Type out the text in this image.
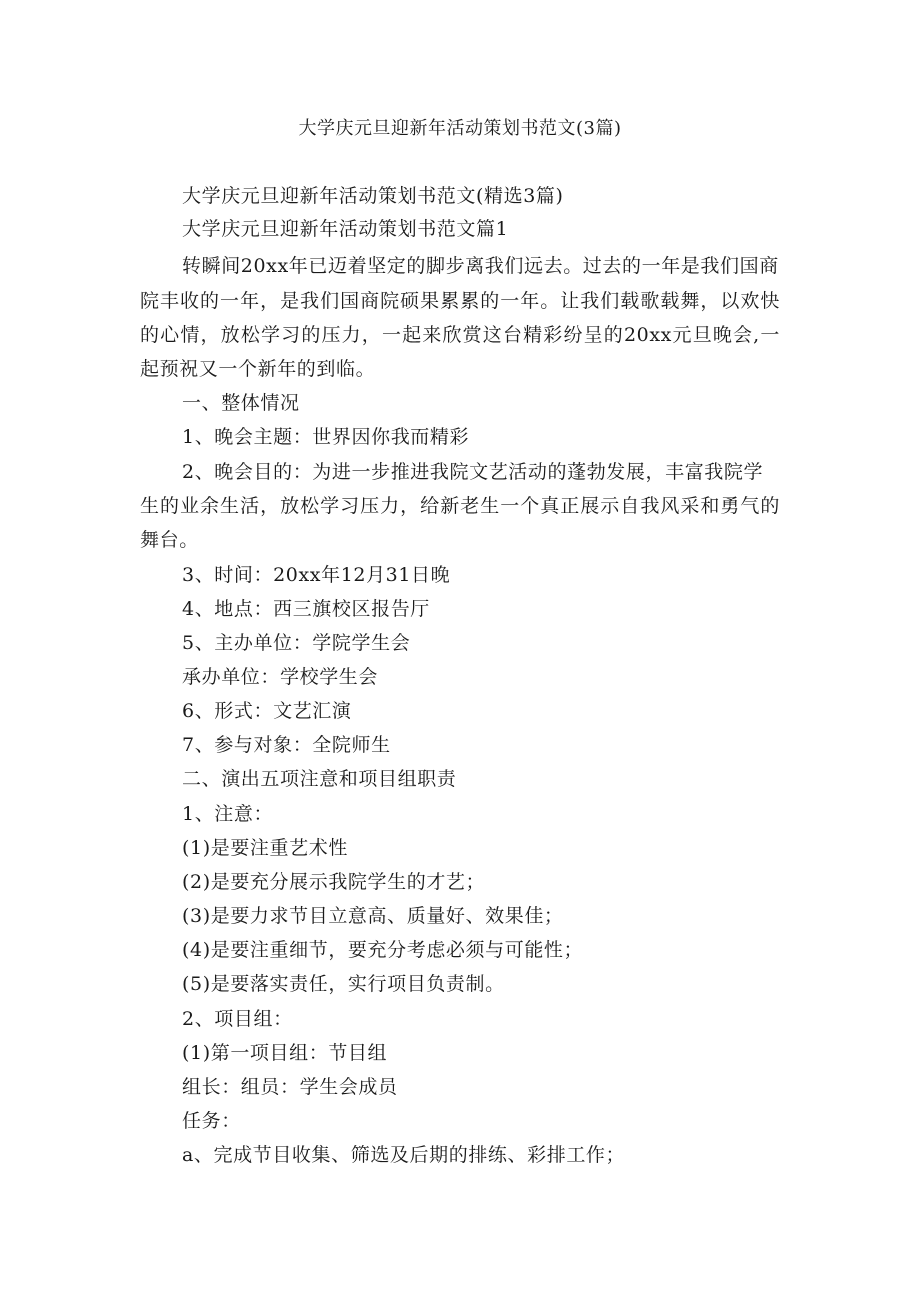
大学庆元旦迎新年活动策划书范文(3篇)
大学庆元旦迎新年活动策划书范文(精选3篇)
大学庆元旦迎新年活动策划书范文篇1
转瞬间20xx年已迈着坚定的脚步离我们远去。过去的一年是我们国商
院丰收的一年，是我们国商院硕果累累的一年。让我们载歌载舞，以欢快
的心情，放松学习的压力，一起来欣赏这台精彩纷呈的20xx元旦晚会,一
起预祝又一个新年的到临。
一、整体情况
1、晚会主题：世界因你我而精彩
2、晚会目的：为进一步推进我院文艺活动的蓬勃发展，丰富我院学
生的业余生活，放松学习压力，给新老生一个真正展示自我风采和勇气的
舞台。
3、时间：20xx年12月31日晚
4、地点：西三旗校区报告厅
5、主办单位：学院学生会
承办单位：学校学生会
6、形式：文艺汇演
7、参与对象：全院师生
二、演出五项注意和项目组职责
1、注意：
(1)是要注重艺术性
(2)是要充分展示我院学生的才艺；
(3)是要力求节目立意高、质量好、效果佳；
(4)是要注重细节，要充分考虑必须与可能性；
(5)是要落实责任，实行项目负责制。
2、项目组：
(1)第一项目组：节目组
组长：组员：学生会成员
任务：
a、完成节目收集、筛选及后期的排练、彩排工作；
